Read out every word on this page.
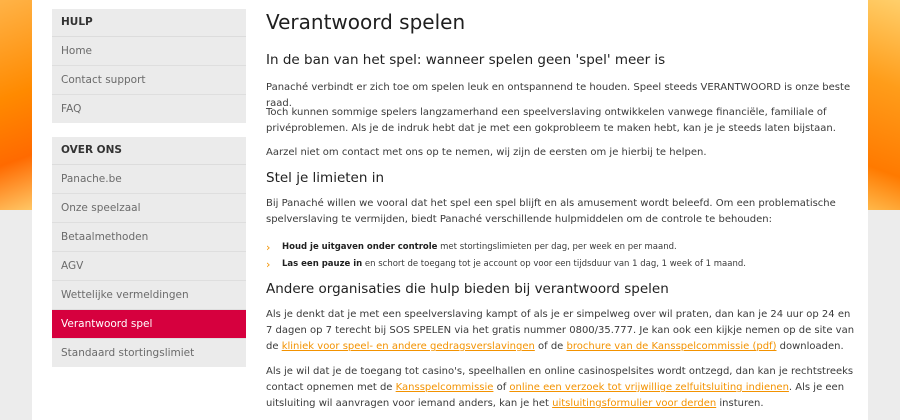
HULP
Home
Contact support
FAQ
OVER ONS
Panache.be
Onze speelzaal
Betaalmethoden
AGV
Wettelijke vermeldingen
Verantwoord spel
Standaard stortingslimiet
Verantwoord spelen
In de ban van het spel: wanneer spelen geen 'spel' meer is

Panaché verbindt er zich toe om spelen leuk en ontspannend te houden. Speel steeds VERANTWOORD is onze beste raad.

Toch kunnen sommige spelers langzamerhand een speelverslaving ontwikkelen vanwege financiële, familiale of privéproblemen. Als je de indruk hebt dat je met een gokprobleem te maken hebt, kan je je steeds laten bijstaan.

Aarzel niet om contact met ons op te nemen, wij zijn de eersten om je hierbij te helpen.

Stel je limieten in

Bij Panaché willen we vooral dat het spel een spel blijft en als amusement wordt beleefd. Om een problematische spelverslaving te vermijden, biedt Panaché verschillende hulpmiddelen om de controle te behouden:

› Houd je uitgaven onder controle met stortingslimieten per dag, per week en per maand.
› Las een pauze in en schort de toegang tot je account op voor een tijdsduur van 1 dag, 1 week of 1 maand.
Andere organisaties die hulp bieden bij verantwoord spelen

Als je denkt dat je met een speelverslaving kampt of als je er simpelweg over wil praten, dan kan je 24 uur op 24 en 7 dagen op 7 terecht bij SOS SPELEN via het gratis nummer 0800/35.777. Je kan ook een kijkje nemen op de site van de kliniek voor speel- en andere gedragsverslavingen of de brochure van de Kansspelcommissie (pdf) downloaden.

Als je wil dat je de toegang tot casino's, speelhallen en online casinospelsites wordt ontzegd, dan kan je rechtstreeks contact opnemen met de Kansspelcommissie of online een verzoek tot vrijwillige zelfuitsluiting indienen. Als je een uitsluiting wil aanvragen voor iemand anders, kan je het uitsluitingsformulier voor derden insturen.
